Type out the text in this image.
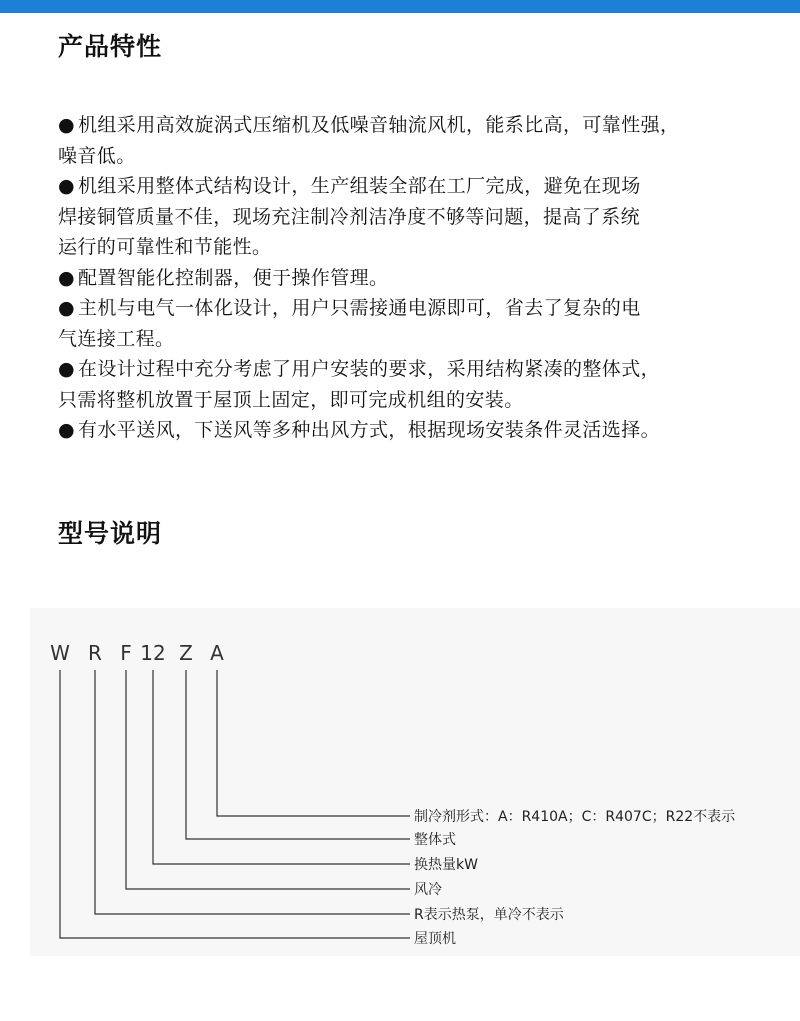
产品特性

● 机组采用高效旋涡式压缩机及低噪音轴流风机，能系比高，可靠性强，
噪音低。

● 机组采用整体式结构设计，生产组装全部在工厂完成，避免在现场
焊接铜管质量不佳，现场充注制冷剂洁净度不够等问题，提高了系统
运行的可靠性和节能性。

● 配置智能化控制器，便于操作管理。

● 主机与电气一体化设计，用户只需接通电源即可，省去了复杂的电
气连接工程。

● 在设计过程中充分考虑了用户安装的要求，采用结构紧凑的整体式，
只需将整机放置于屋顶上固定，即可完成机组的安装。

● 有水平送风，下送风等多种出风方式，根据现场安装条件灵活选择。

型号说明
W R F 12 Z A
制冷剂形式：A：R410A；C：R407C；R22不表示
整体式
换热量kW
风冷
R表示热泵，单冷不表示
屋顶机
